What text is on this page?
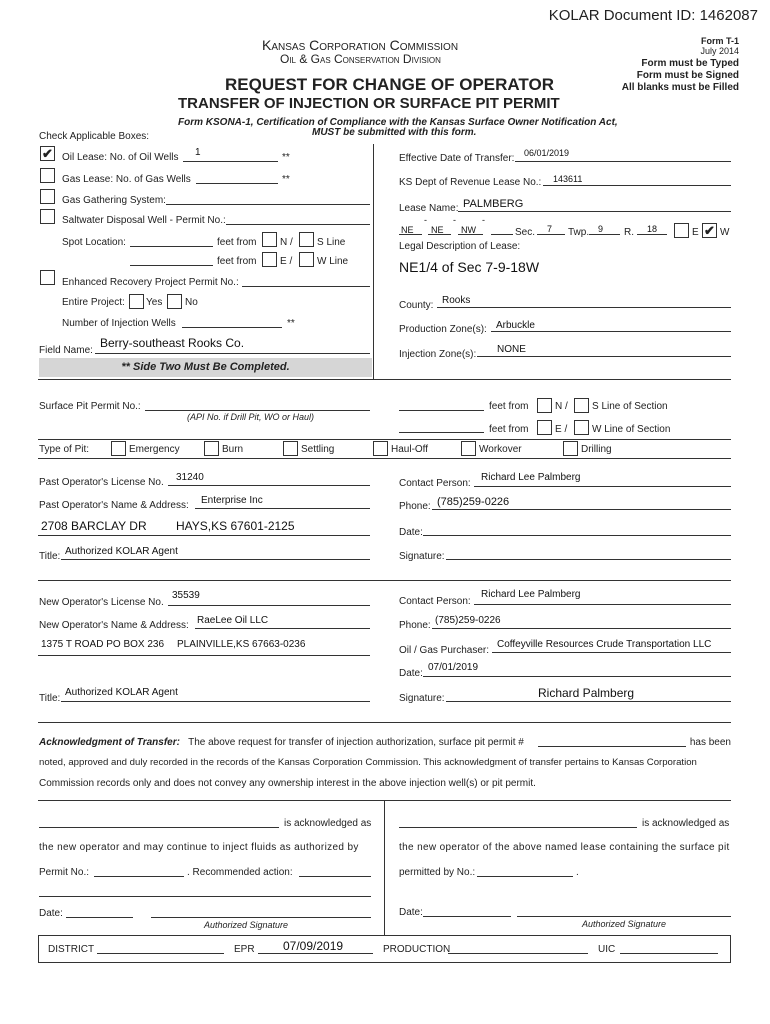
KOLAR Document ID: 1462087
Kansas Corporation Commission
Oil & Gas Conservation Division
REQUEST FOR CHANGE OF OPERATOR
TRANSFER OF INJECTION OR SURFACE PIT PERMIT
Form T-1
July 2014
Form must be Typed
Form must be Signed
All blanks must be Filled
Form KSONA-1, Certification of Compliance with the Kansas Surface Owner Notification Act,
MUST be submitted with this form.
Check Applicable Boxes:
** Side Two Must Be Completed.
✔ Oil Lease: No. of Oil Wells 1	**
Gas Lease: No. of Gas Wells	**
Gas Gathering System:
Saltwater Disposal Well - Permit No.:
Spot Location:	feet from N / S Line
feet from E / W Line
Enhanced Recovery Project Permit No.:
Entire Project: Yes No
Number of Injection Wells	**
Field Name:
Berry-southeast Rooks Co.
Effective Date of Transfer: 06/01/2019
KS Dept of Revenue Lease No.: 143611
Lease Name: PALMBERG
-	-	-
NE NE NW	Sec. 7 Twp. 9 R. 18	E ✔ W
Legal Description of Lease:
NE1/4 of Sec 7-9-18W
County: Rooks
Production Zone(s): Arbuckle
Injection Zone(s): NONE
Surface Pit Permit No.:
(API No. if Drill Pit, WO or Haul)
feet from	N / S Line of Section
feet from	E / W Line of Section
Type of Pit:	Emergency	Burn	Settling	Haul-Off	Workover	Drilling
Past Operator's License No. 31240
Past Operator's Name & Address: Enterprise Inc
2708 BARCLAY DR HAYS,KS 67601-2125
Title: Authorized KOLAR Agent
Contact Person:
Richard Lee Palmberg
Phone: (785)259-0226
Date:
Signature:
New Operator's License No.
35539
New Operator's Name & Address: RaeLee Oil LLC
1375 T ROAD PO BOX 236 PLAINVILLE,KS 67663-0236
Title:
Authorized KOLAR Agent
Contact Person:
Richard Lee Palmberg
Phone: (785)259-0226
Oil / Gas Purchaser:
Coffeyville Resources Crude Transportation LLC
Date:
07/01/2019
Signature:	Richard Palmberg
Acknowledgment of Transfer: The above request for transfer of injection authorization, surface pit permit #	has been
noted, approved and duly recorded in the records of the Kansas Corporation Commission. This acknowledgment of transfer pertains to Kansas Corporation
Commission records only and does not convey any ownership interest in the above injection well(s) or pit permit.
is acknowledged as
the new operator and may continue to inject fluids as authorized by
Permit No.:	. Recommended action:
Date:
Authorized Signature
is acknowledged as
the new operator of the above named lease containing the surface pit
permitted by No.:	.
Date:
Authorized Signature
DISTRICT	EPR 07/09/2019	PRODUCTION	UIC
